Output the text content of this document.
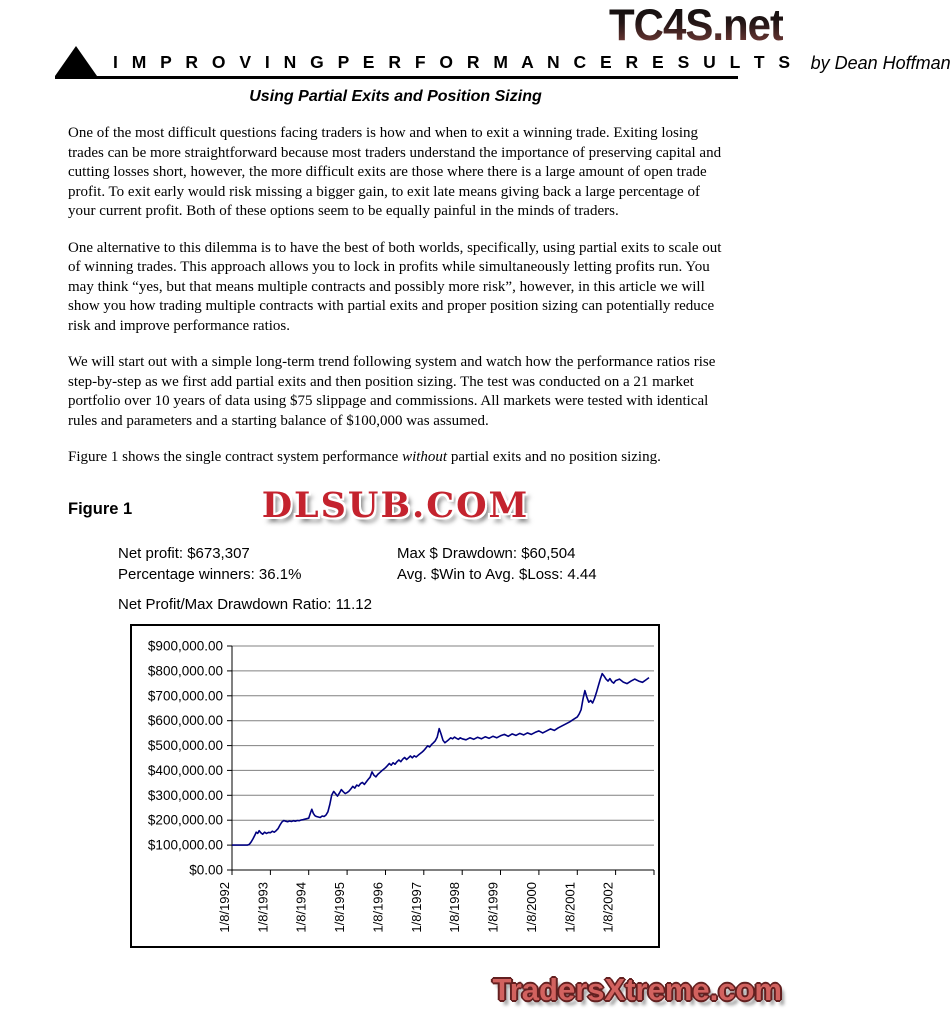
TC4S.net
I M P R O V I N G P E R F O R M A N C E R E S U L T S by Dean Hoffman
Using Partial Exits and Position Sizing

One of the most difficult questions facing traders is how and when to exit a winning trade. Exiting losing trades can be more straightforward because most traders understand the importance of preserving capital and cutting losses short, however, the more difficult exits are those where there is a large amount of open trade profit. To exit early would risk missing a bigger gain, to exit late means giving back a large percentage of your current profit. Both of these options seem to be equally painful in the minds of traders.

One alternative to this dilemma is to have the best of both worlds, specifically, using partial exits to scale out of winning trades. This approach allows you to lock in profits while simultaneously letting profits run. You may think “yes, but that means multiple contracts and possibly more risk”, however, in this article we will show you how trading multiple contracts with partial exits and proper position sizing can potentially reduce risk and improve performance ratios.

We will start out with a simple long-term trend following system and watch how the performance ratios rise step-by-step as we first add partial exits and then position sizing. The test was conducted on a 21 market portfolio over 10 years of data using $75 slippage and commissions. All markets were tested with identical rules and parameters and a starting balance of $100,000 was assumed.

Figure 1 shows the single contract system performance without partial exits and no position sizing.

Figure 1	DLSUB.COM
Net profit: $673,307
Percentage winners: 36.1%
Max $ Drawdown: $60,504
Avg. $Win to Avg. $Loss: 4.44
Net Profit/Max Drawdown Ratio: 11.12
$0.00
$100,000.00
$200,000.00
$300,000.00
$400,000.00
$500,000.00
$600,000.00
$700,000.00
$800,000.00
$900,000.00
1/8/1992 1/8/1993 1/8/1994 1/8/1995 1/8/1996 1/8/1997 1/8/1998 1/8/1999 1/8/2000 1/8/2001 1/8/2002
TradersXtreme.com
